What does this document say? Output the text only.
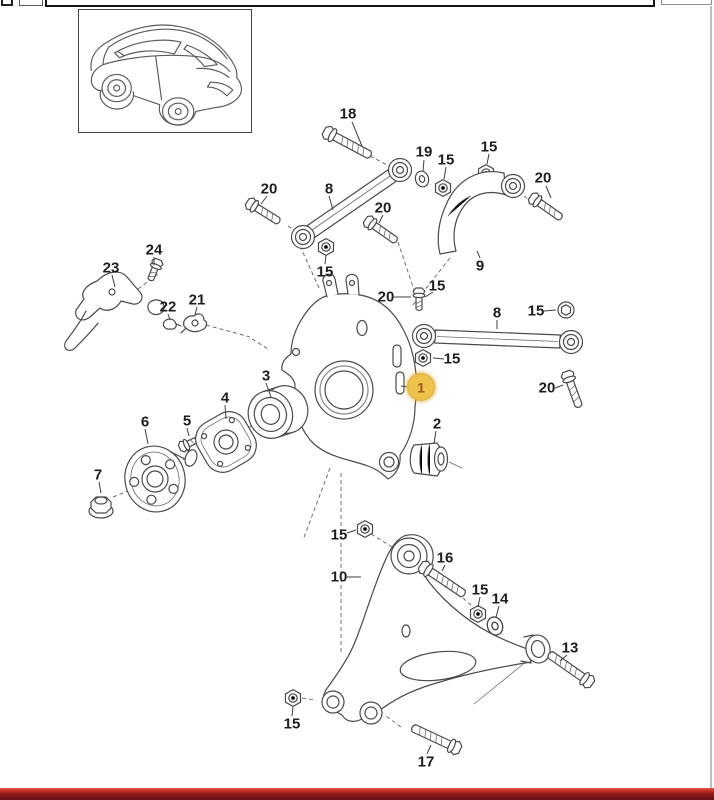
18
19 15
15
20
20	8
20
9
15
24
23
22 21	20
15
8 15
15
1	20
3
4
5
6	2
7
15
10
16
15
14
13
15
17
